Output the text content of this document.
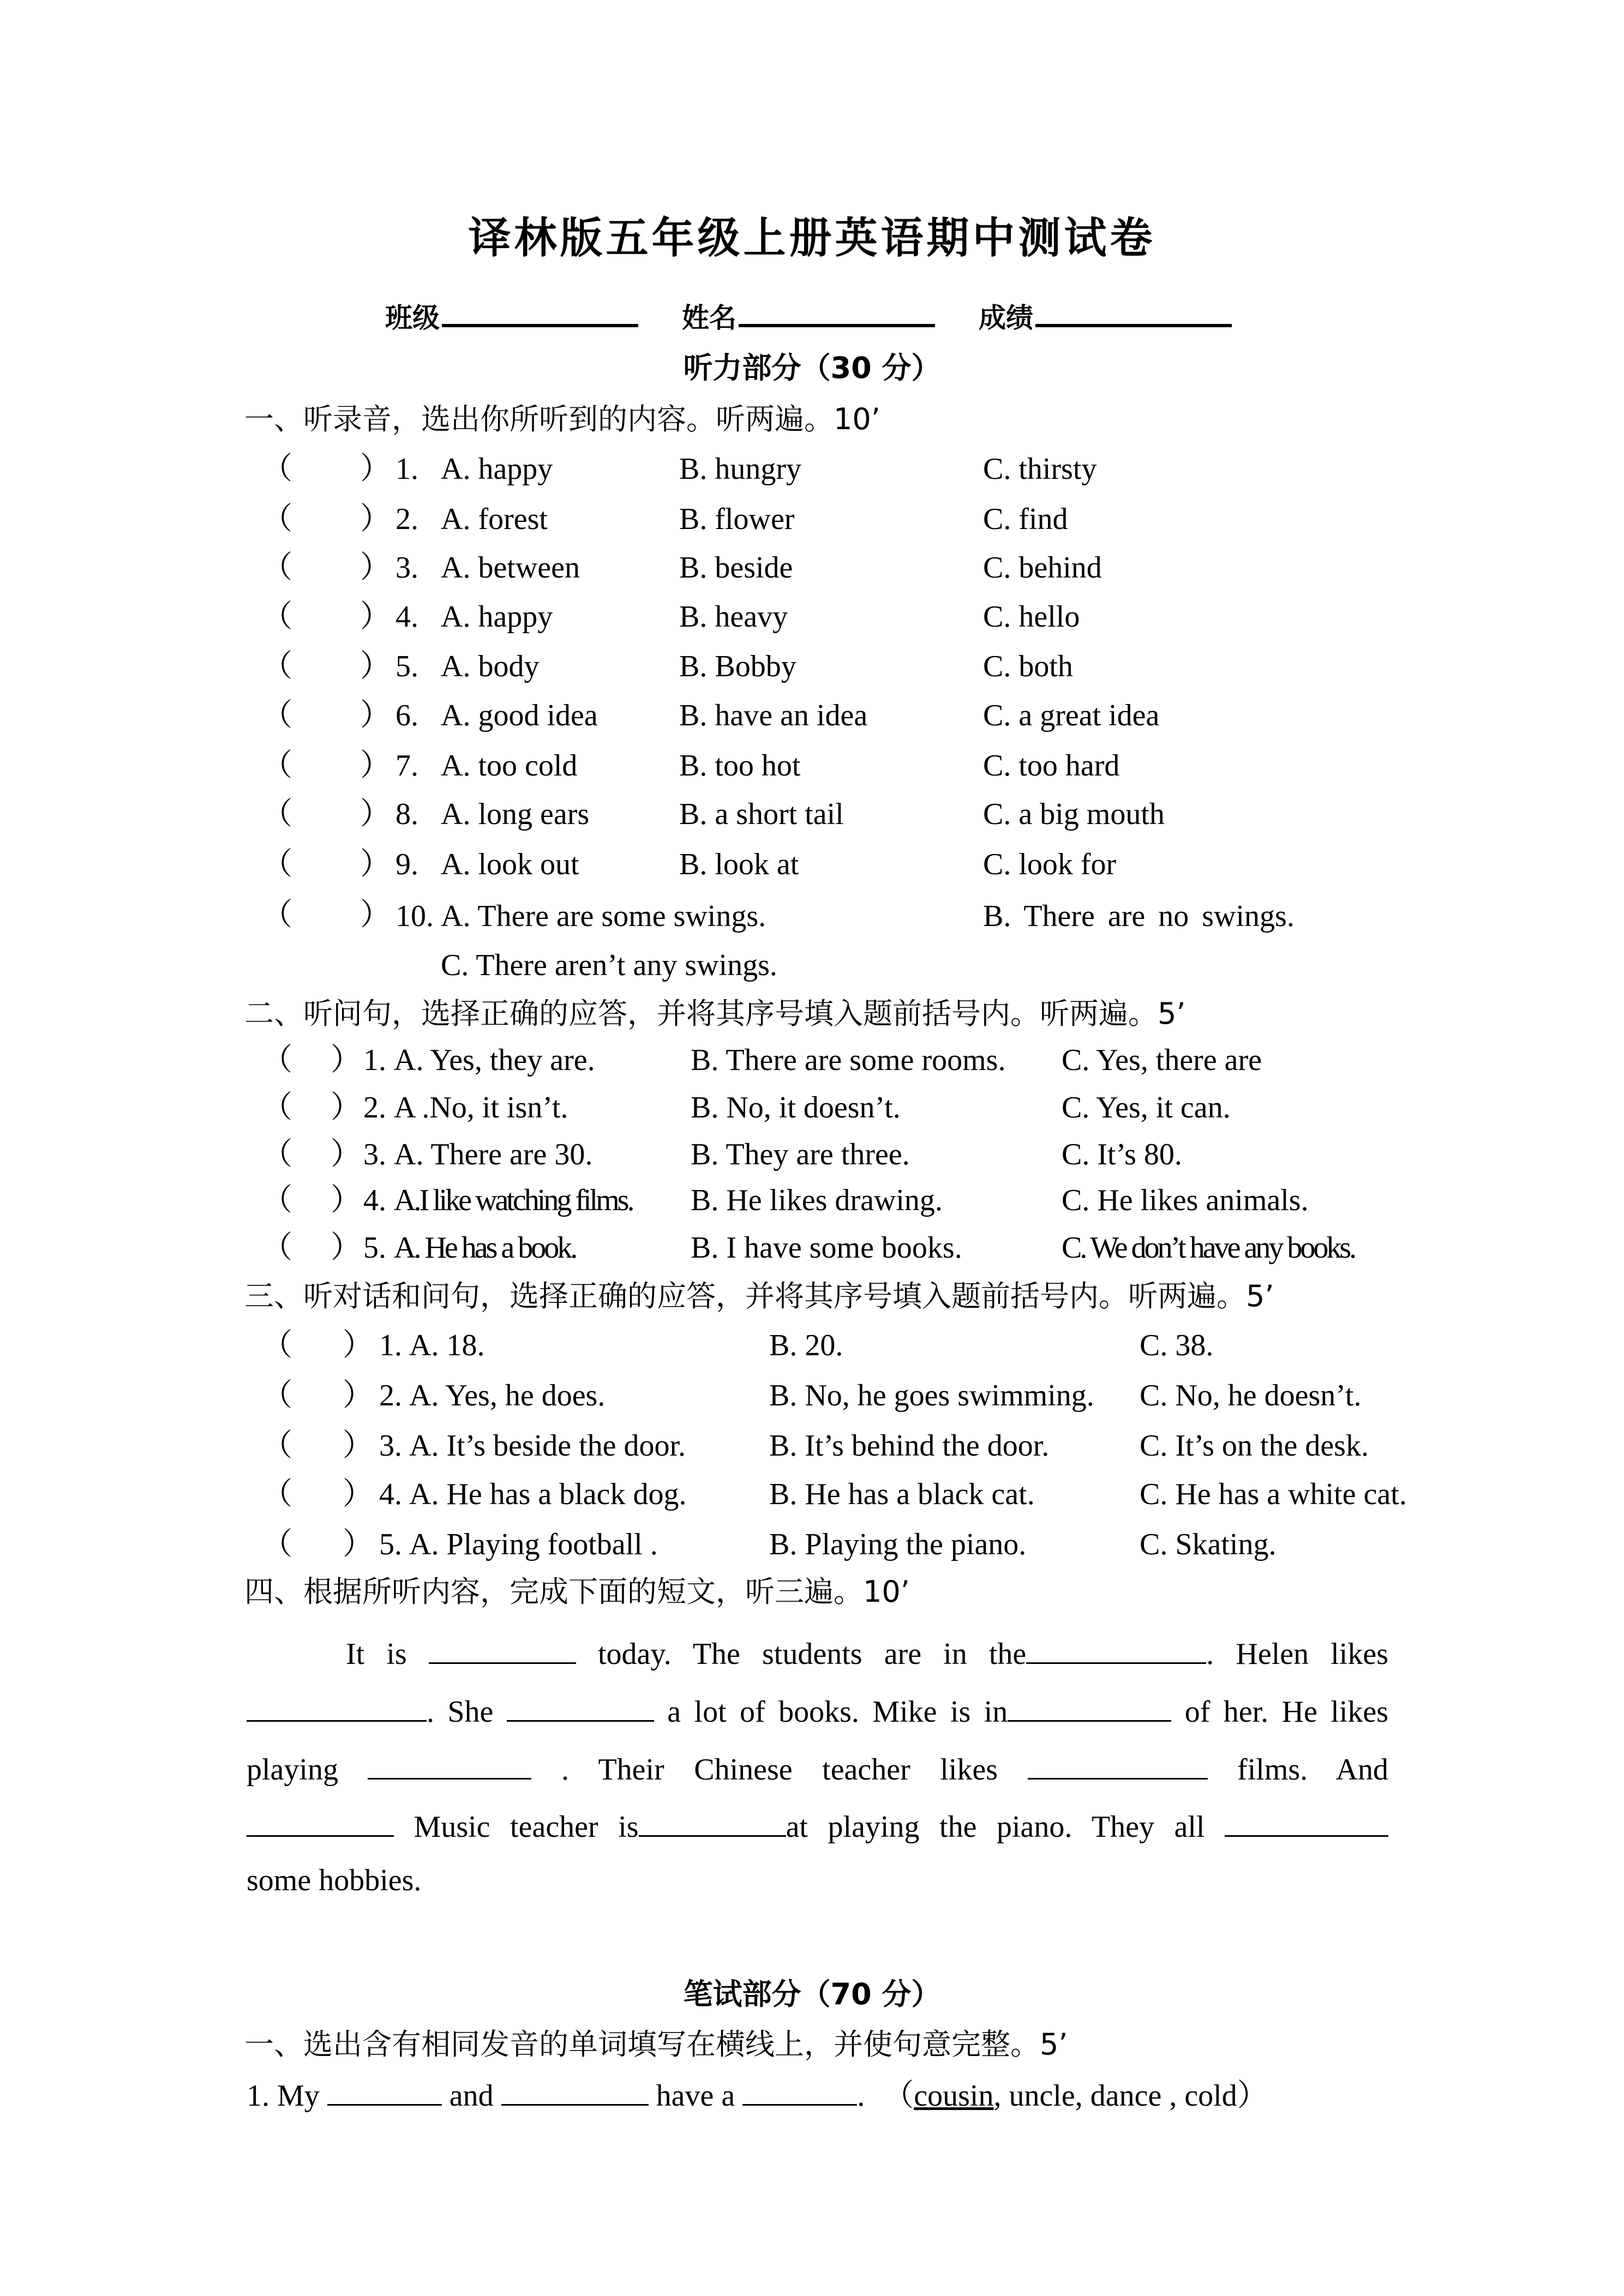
译林版五年级上册英语期中测试卷
班级	姓名	成绩
听力部分（30 分）
一、听录音，选出你所听到的内容。听两遍。10’
（ ） 1. A. happy	B. hungry	C. thirsty
（ ） 2. A. forest	B. flower	C. find
（ ） 3. A. between	B. beside	C. behind
（ ） 4. A. happy	B. heavy	C. hello
（ ） 5. A. body	B. Bobby	C. both
（ ） 6. A. good idea	B. have an idea	C. a great idea
（ ） 7. A. too cold	B. too hot	C. too hard
（ ） 8. A. long ears	B. a short tail	C. a big mouth
（ ） 9. A. look out	B. look at	C. look for
（ ） 10. A. There are some swings.	B. There are no swings.
C. There aren’t any swings.
二、听问句，选择正确的应答，并将其序号填入题前括号内。听两遍。5’
（ ） 1. A. Yes, they are.	B. There are some rooms. C. Yes, there are
（ ） 2. A .No, it isn’t.	B. No, it doesn’t.	C. Yes, it can.
（ ） 3. A. There are 30.	B. They are three.	C. It’s 80.
（ ） 4. A.I like watching films. B. He likes drawing.	C. He likes animals.
（ ） 5. A. He has a book.	B. I have some books.	C. We don’t have any books.
三、听对话和问句，选择正确的应答，并将其序号填入题前括号内。听两遍。5’
（ ） 1. A. 18.	B. 20.	C. 38.
（ ） 2. A. Yes, he does.	B. No, he goes swimming. C. No, he doesn’t.
（ ） 3. A. It’s beside the door.	B. It’s behind the door.	C. It’s on the desk.
（ ） 4. A. He has a black dog.	B. He has a black cat.	C. He has a white cat.
（ ） 5. A. Playing football .	B. Playing the piano.	C. Skating.
四、根据所听内容，完成下面的短文，听三遍。10’
It is	today. The students are in the	. Helen likes
. She	a lot of books. Mike is in	of her. He likes
playing	. Their Chinese teacher likes	films. And
Music teacher is	at playing the piano. They all
some hobbies.
笔试部分（70 分）
一、选出含有相同发音的单词填写在横线上，并使句意完整。5’
1. My	and	have a	. （cousin, uncle, dance , cold）
